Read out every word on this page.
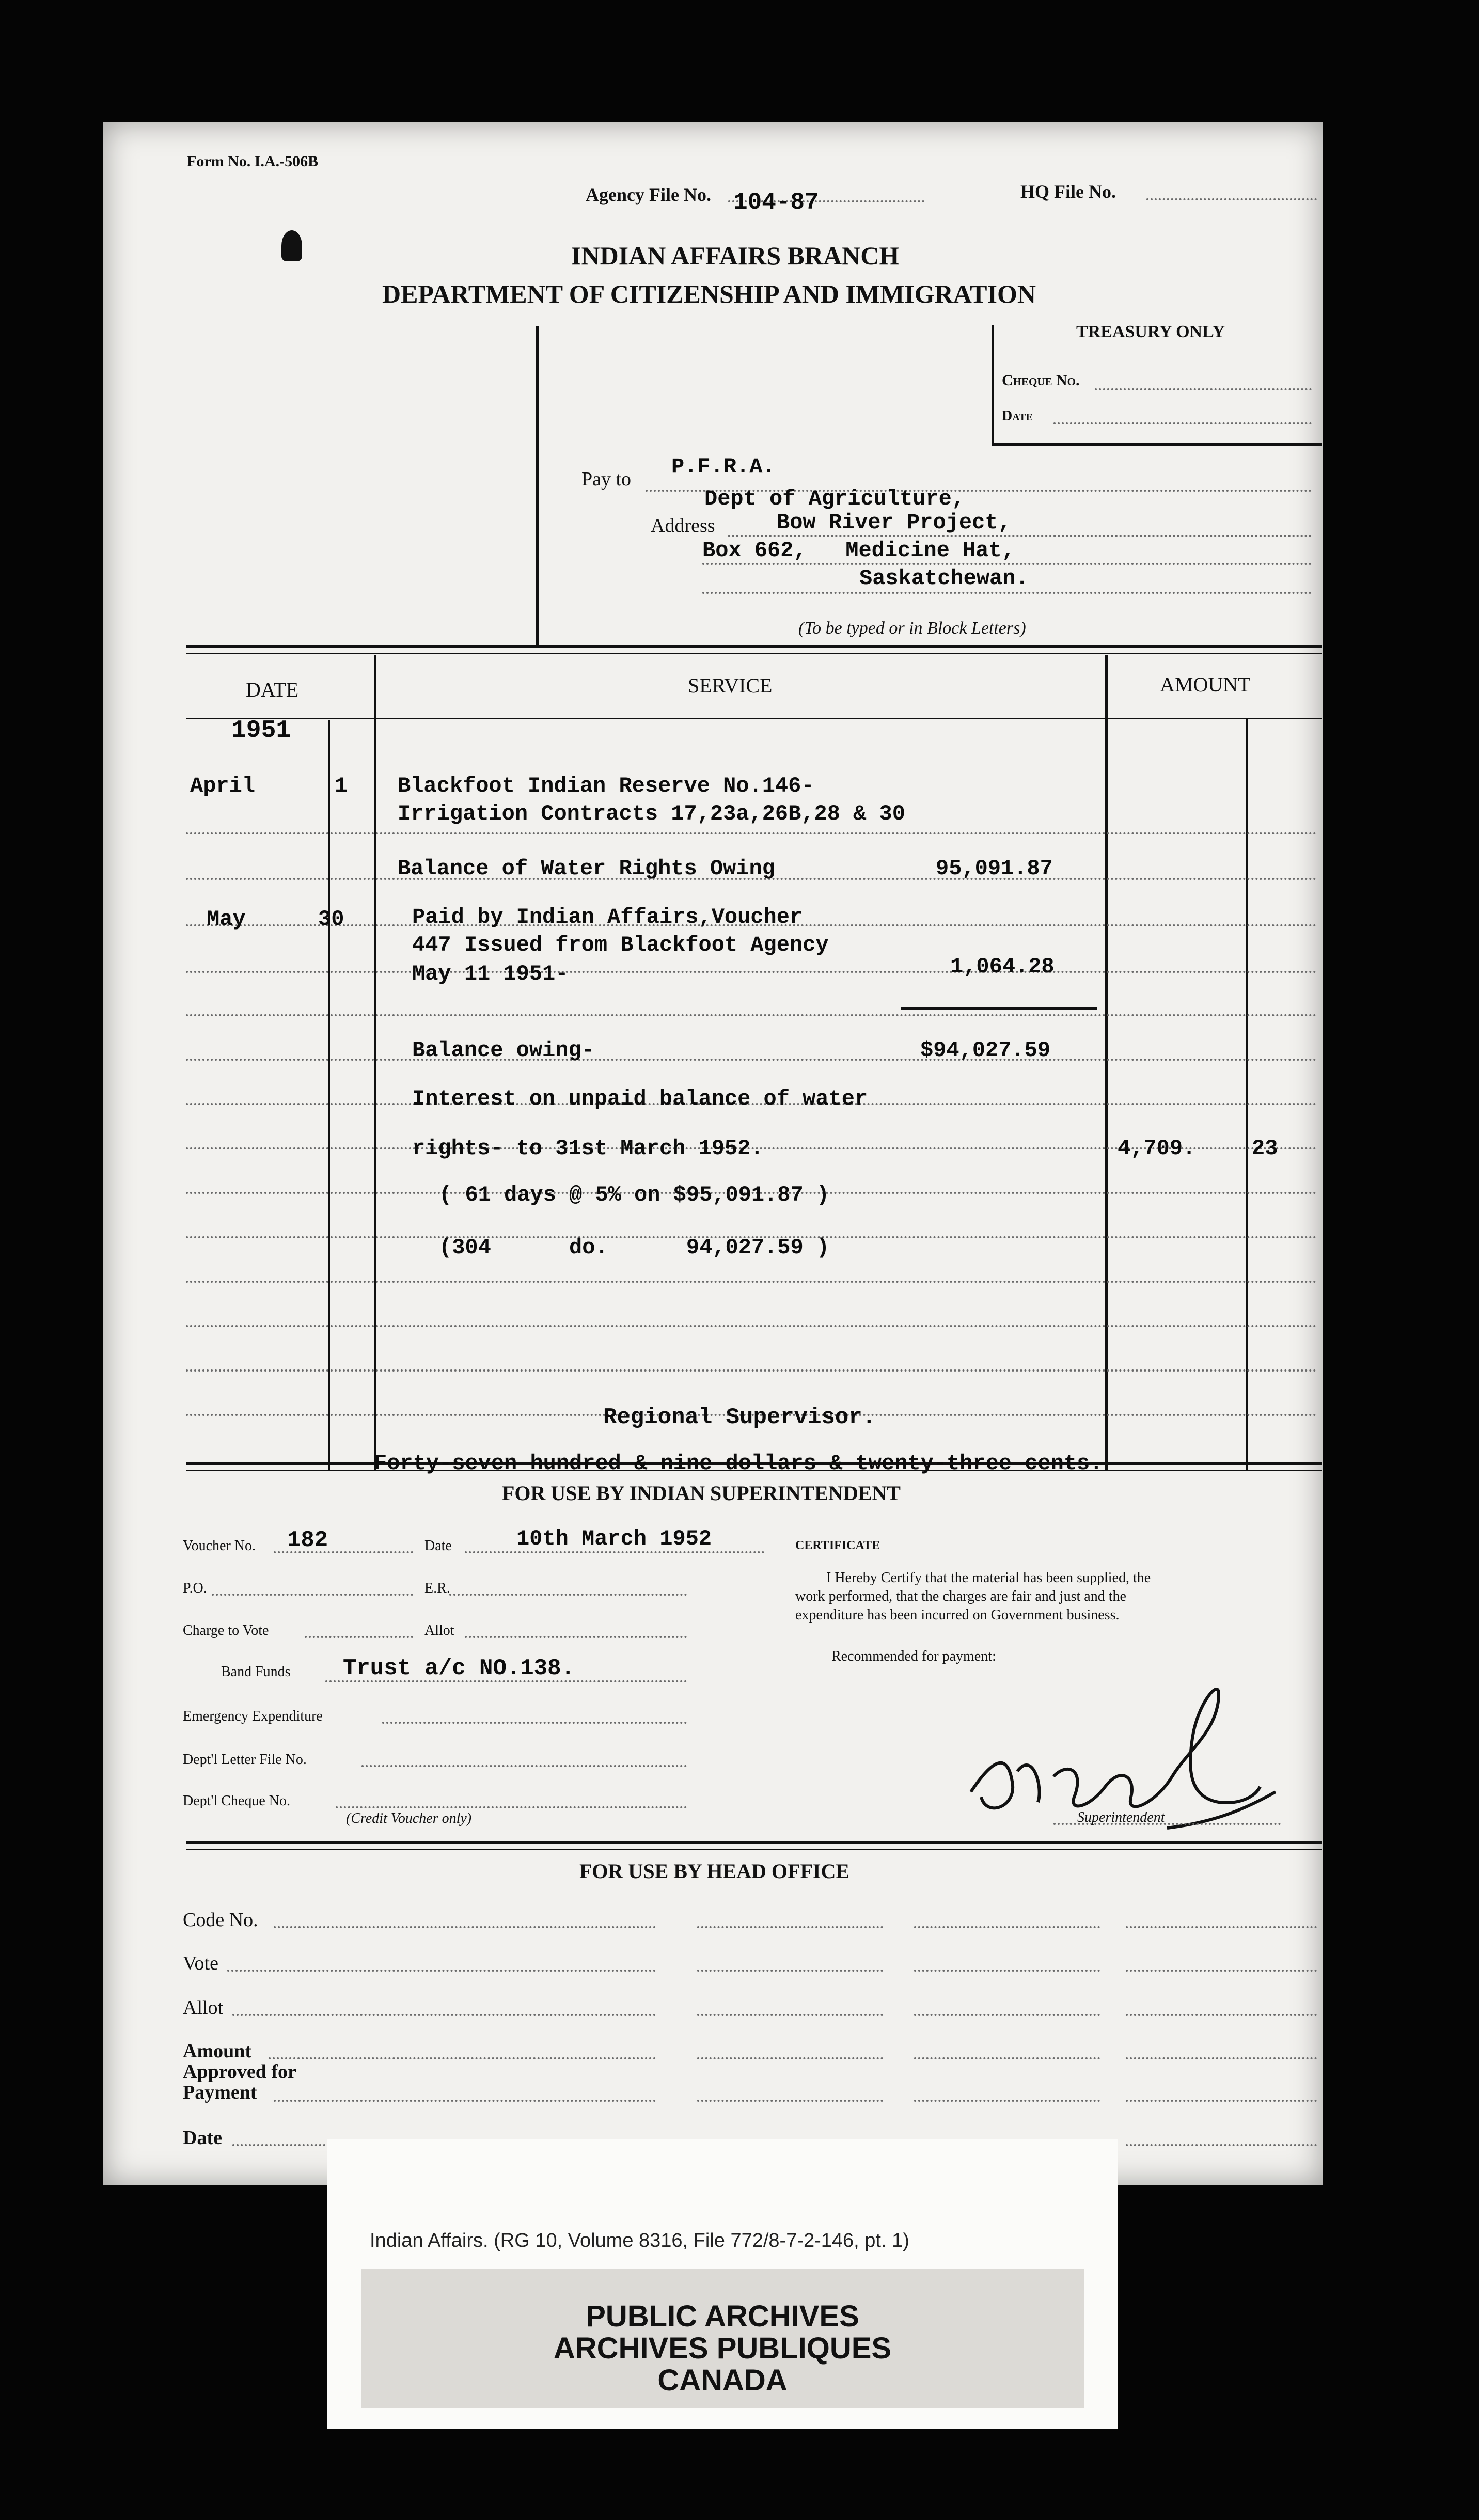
Form No. I.A.-506B
Agency File No. 104-87	HQ File No.
INDIAN AFFAIRS BRANCH
DEPARTMENT OF CITIZENSHIP AND IMMIGRATION
TREASURY ONLY
Cheque No.
Date
Pay to P.F.R.A.
Dept of Agriculture,
Address	Bow River Project,
Box 662,   Medicine Hat,
Saskatchewan.
(To be typed or in Block Letters)
DATE	SERVICE	AMOUNT
1951
April	1 Blackfoot Indian Reserve No.146-
Irrigation Contracts 17,23a,26B,28 & 30
Balance of Water Rights Owing	95,091.87
May	30	Paid by Indian Affairs,Voucher
447 Issued from Blackfoot Agency
May 11 1951-	1,064.28
Balance owing-	$94,027.59
Interest on unpaid balance of water
rights- to 31st March 1952.	4,709.	23
( 61 days @ 5% on $95,091.87 )
(304      do.      94,027.59 )
Regional Supervisor.
Forty-seven hundred & nine dollars & twenty-three cents.
FOR USE BY INDIAN SUPERINTENDENT
Voucher No. 182	Date	10th March 1952
P.O.	E.R.
Charge to Vote	Allot
Band Funds Trust a/c NO.138.
Emergency Expenditure
Dept'l Letter File No.
Dept'l Cheque No.
(Credit Voucher only)
CERTIFICATE
I Hereby Certify that the material has been supplied, the
work performed, that the charges are fair and just and the
expenditure has been incurred on Government business.
Recommended for payment:
Superintendent
FOR USE BY HEAD OFFICE
Code No.
Vote
Allot
Amount
Approved for
Payment
Date
Indian Affairs. (RG 10, Volume 8316, File 772/8-7-2-146, pt. 1)
PUBLIC ARCHIVES
ARCHIVES PUBLIQUES
CANADA
